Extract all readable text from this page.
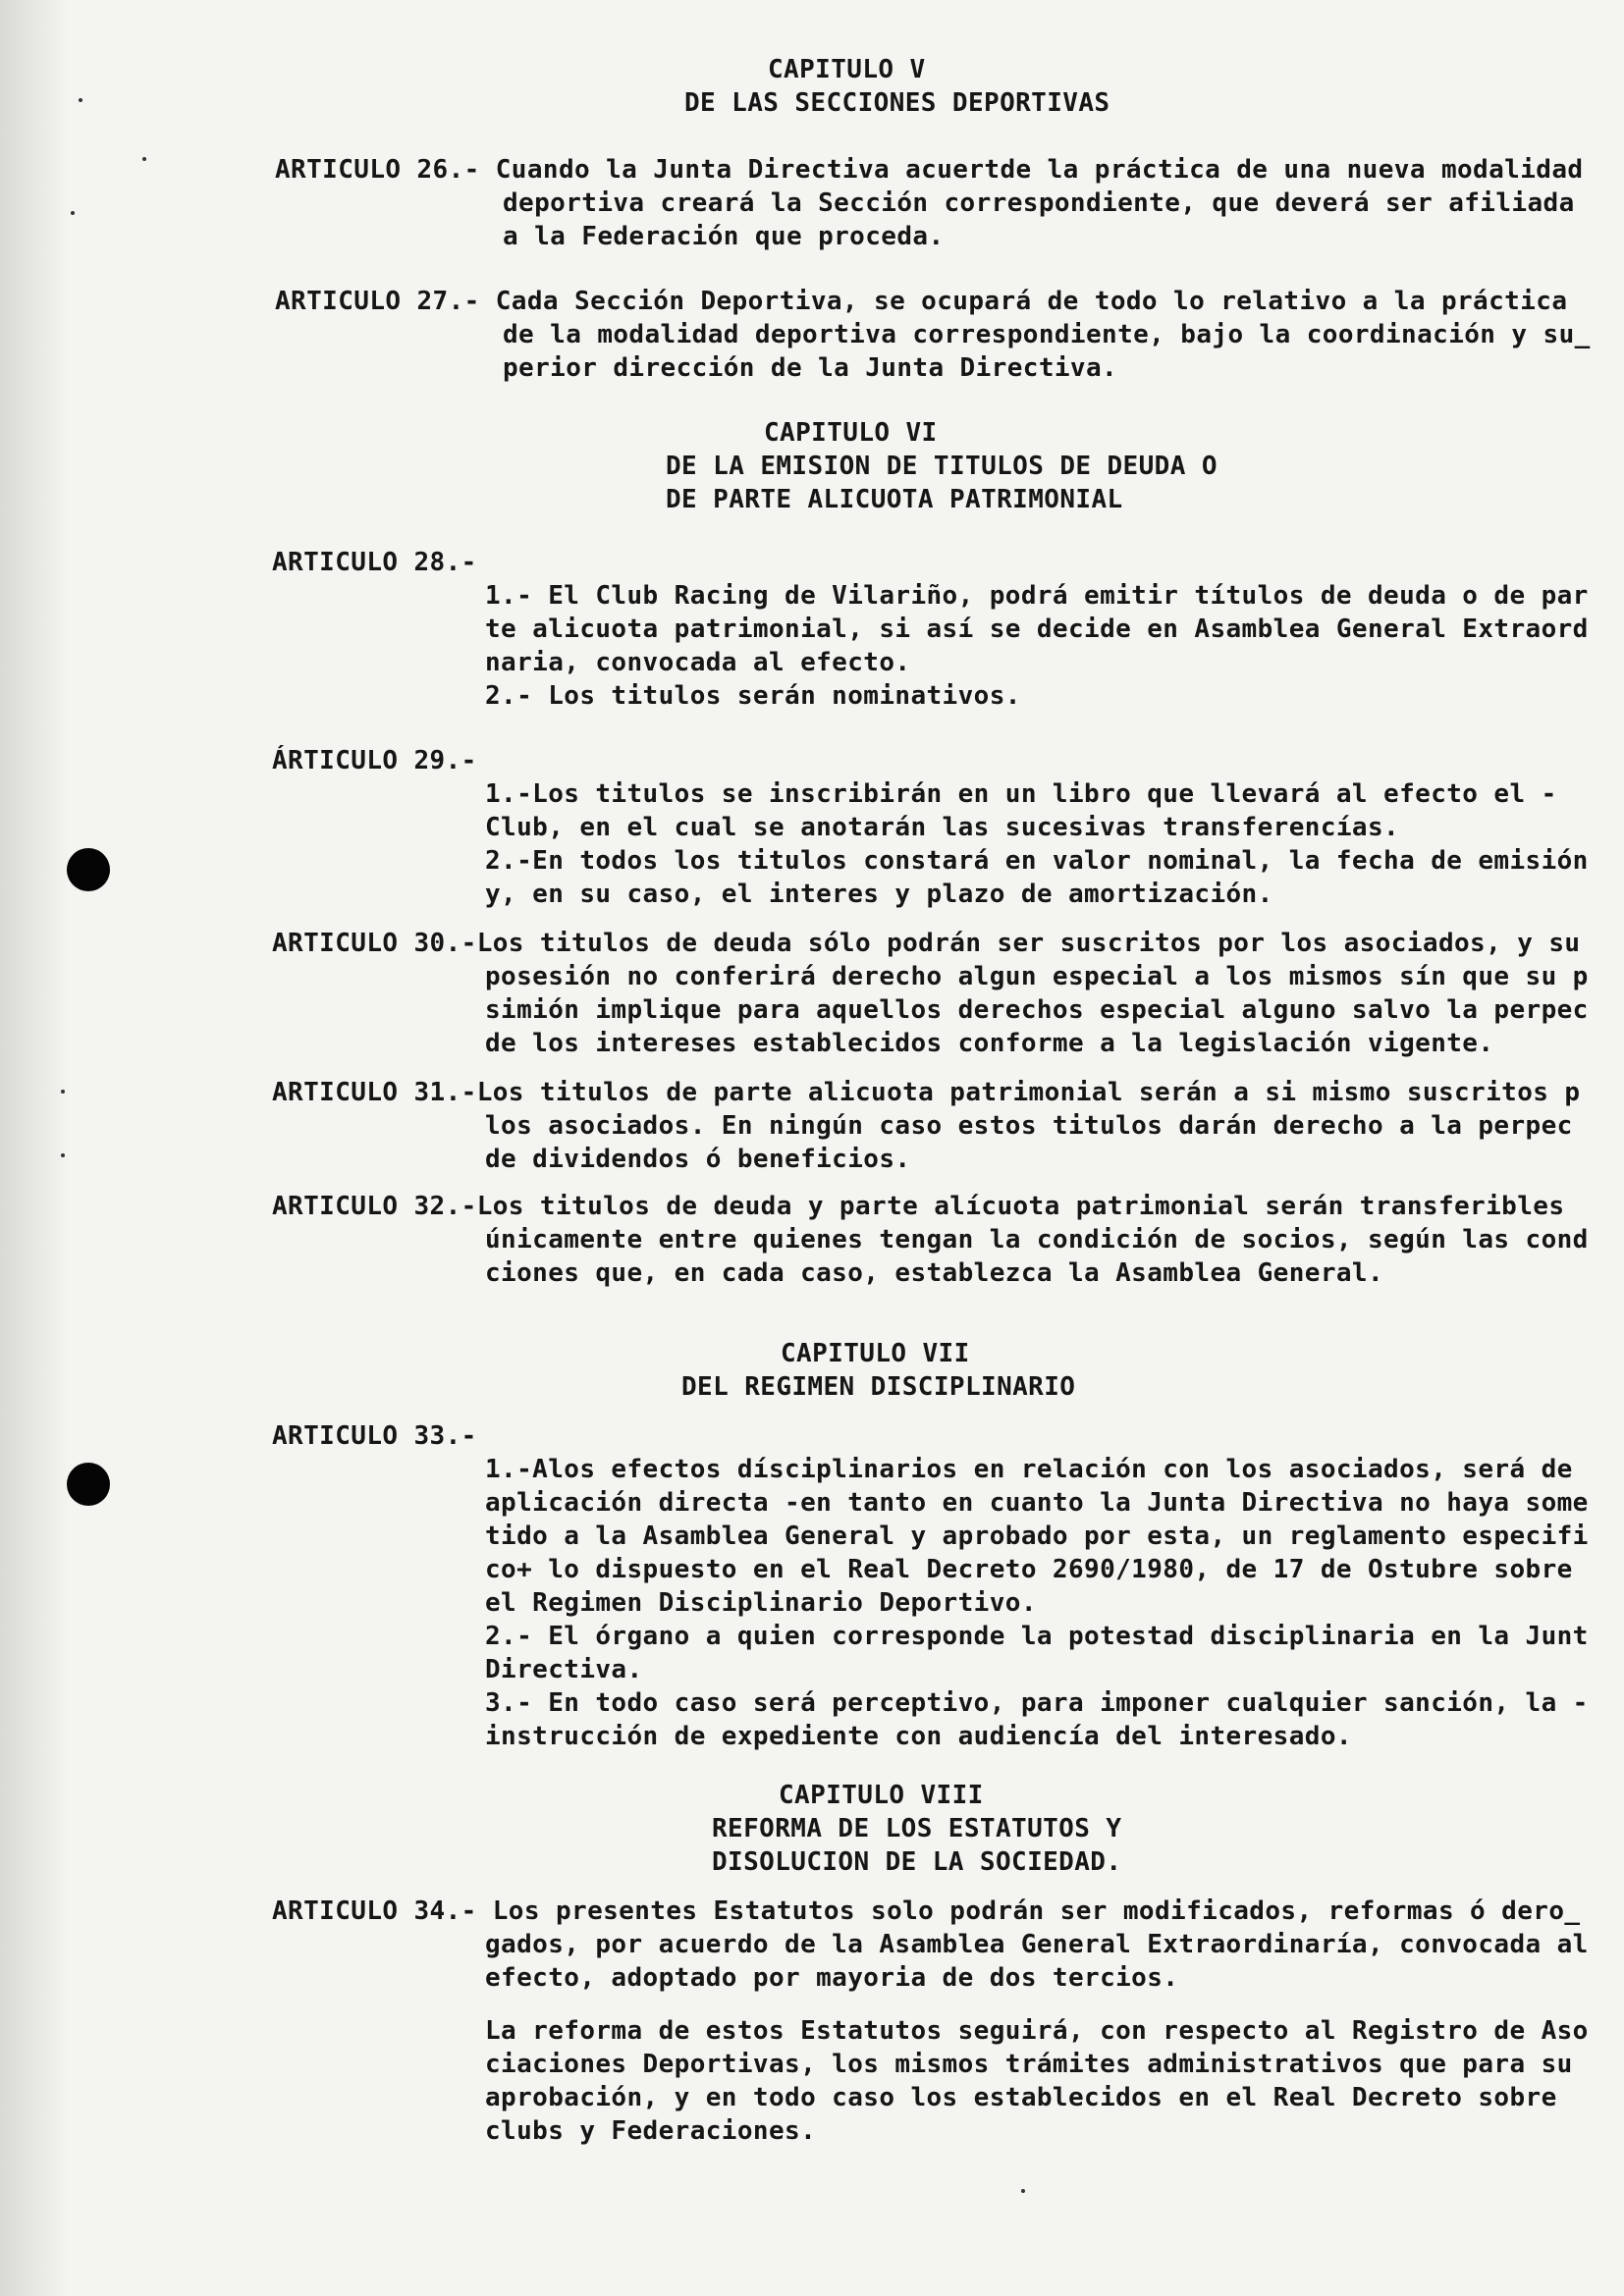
CAPITULO V
DE LAS SECCIONES DEPORTIVAS
ARTICULO 26.- Cuando la Junta Directiva acuertde la práctica de una nueva modalidad
deportiva creará la Sección correspondiente, que deverá ser afiliada
a la Federación que proceda.
ARTICULO 27.- Cada Sección Deportiva, se ocupará de todo lo relativo a la práctica
de la modalidad deportiva correspondiente, bajo la coordinación y su_
perior dirección de la Junta Directiva.
CAPITULO VI
DE LA EMISION DE TITULOS DE DEUDA O
DE PARTE ALICUOTA PATRIMONIAL
ARTICULO 28.-
1.- El Club Racing de Vilariño, podrá emitir títulos de deuda o de par
te alicuota patrimonial, si así se decide en Asamblea General Extraord
naria, convocada al efecto.
2.- Los titulos serán nominativos.
ÁRTICULO 29.-
1.-Los titulos se inscribirán en un libro que llevará al efecto el -
Club, en el cual se anotarán las sucesivas transferencías.
2.-En todos los titulos constará en valor nominal, la fecha de emisión
y, en su caso, el interes y plazo de amortización.
ARTICULO 30.-Los titulos de deuda sólo podrán ser suscritos por los asociados, y su
posesión no conferirá derecho algun especial a los mismos sín que su p
simión implique para aquellos derechos especial alguno salvo la perpec
de los intereses establecidos conforme a la legislación vigente.
ARTICULO 31.-Los titulos de parte alicuota patrimonial serán a si mismo suscritos p
los asociados. En ningún caso estos titulos darán derecho a la perpec
de dividendos ó beneficios.
ARTICULO 32.-Los titulos de deuda y parte alícuota patrimonial serán transferibles
únicamente entre quienes tengan la condición de socios, según las cond
ciones que, en cada caso, establezca la Asamblea General.
CAPITULO VII
DEL REGIMEN DISCIPLINARIO
ARTICULO 33.-
1.-Alos efectos dísciplinarios en relación con los asociados, será de
aplicación directa -en tanto en cuanto la Junta Directiva no haya some
tido a la Asamblea General y aprobado por esta, un reglamento especifi
co+ lo dispuesto en el Real Decreto 2690/1980, de 17 de Ostubre sobre
el Regimen Disciplinario Deportivo.
2.- El órgano a quien corresponde la potestad disciplinaria en la Junt
Directiva.
3.- En todo caso será perceptivo, para imponer cualquier sanción, la -
instrucción de expediente con audiencía del interesado.
CAPITULO VIII
REFORMA DE LOS ESTATUTOS Y
DISOLUCION DE LA SOCIEDAD.
ARTICULO 34.- Los presentes Estatutos solo podrán ser modificados, reformas ó dero_
gados, por acuerdo de la Asamblea General Extraordinaría, convocada al
efecto, adoptado por mayoria de dos tercios.
La reforma de estos Estatutos seguirá, con respecto al Registro de Aso
ciaciones Deportivas, los mismos trámites administrativos que para su
aprobación, y en todo caso los establecidos en el Real Decreto sobre
clubs y Federaciones.
